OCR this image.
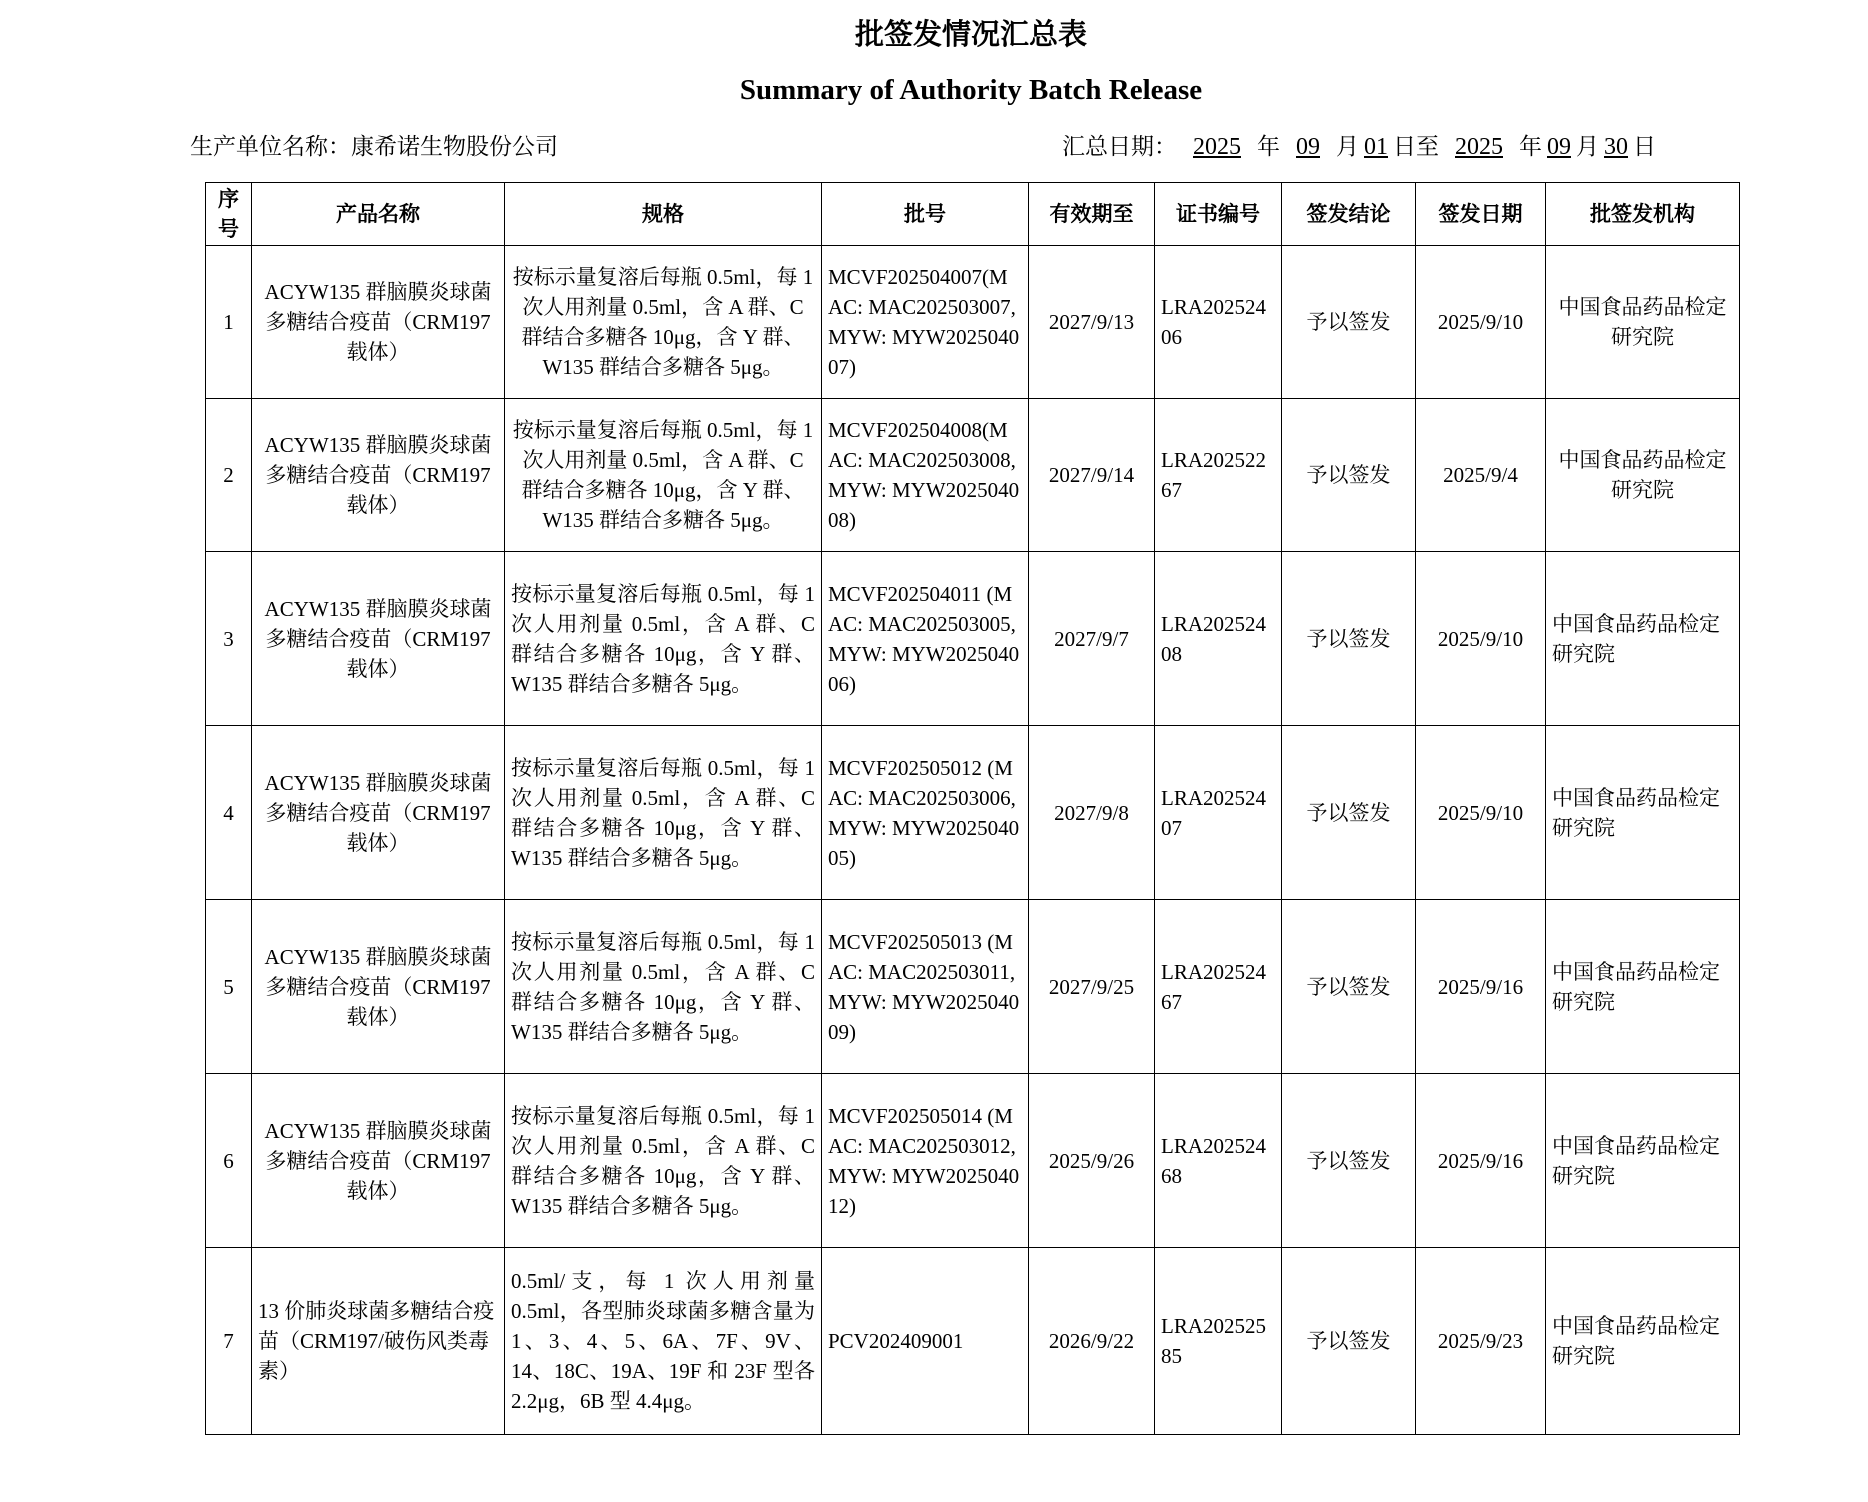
批签发情况汇总表
Summary of Authority Batch Release
生产单位名称：康希诺生物股份公司	汇总日期： 2025 年 09 月 01 日至 2025 年 09 月 30 日
序号	产品名称	规格	批号	有效期至	证书编号	签发结论	签发日期	批签发机构
1	ACYW135 群脑膜炎球菌多糖结合疫苗（CRM197 载体）	按标示量复溶后每瓶 0.5ml，每 1 次人用剂量 0.5ml，含 A 群、C 群结合多糖各 10μg，含 Y 群、W135 群结合多糖各 5μg。	MCVF202504007(MAC: MAC202503007, MYW: MYW202504007)	2027/9/13	LRA20252406	予以签发	2025/9/10	中国食品药品检定研究院
2	ACYW135 群脑膜炎球菌多糖结合疫苗（CRM197 载体）	按标示量复溶后每瓶 0.5ml，每 1 次人用剂量 0.5ml，含 A 群、C 群结合多糖各 10μg，含 Y 群、W135 群结合多糖各 5μg。	MCVF202504008(MAC: MAC202503008, MYW: MYW202504008)	2027/9/14	LRA20252267	予以签发	2025/9/4	中国食品药品检定研究院
3	ACYW135 群脑膜炎球菌多糖结合疫苗（CRM197 载体）	按标示量复溶后每瓶 0.5ml，每 1 次人用剂量 0.5ml，含 A 群、C 群结合多糖各 10μg，含 Y 群、W135 群结合多糖各 5μg。	MCVF202504011 (MAC: MAC202503005, MYW: MYW202504006)	2027/9/7	LRA20252408	予以签发	2025/9/10	中国食品药品检定研究院
4	ACYW135 群脑膜炎球菌多糖结合疫苗（CRM197 载体）	按标示量复溶后每瓶 0.5ml，每 1 次人用剂量 0.5ml，含 A 群、C 群结合多糖各 10μg，含 Y 群、W135 群结合多糖各 5μg。	MCVF202505012 (MAC: MAC202503006, MYW: MYW202504005)	2027/9/8	LRA20252407	予以签发	2025/9/10	中国食品药品检定研究院
5	ACYW135 群脑膜炎球菌多糖结合疫苗（CRM197 载体）	按标示量复溶后每瓶 0.5ml，每 1 次人用剂量 0.5ml，含 A 群、C 群结合多糖各 10μg，含 Y 群、W135 群结合多糖各 5μg。	MCVF202505013 (MAC: MAC202503011, MYW: MYW202504009)	2027/9/25	LRA20252467	予以签发	2025/9/16	中国食品药品检定研究院
6	ACYW135 群脑膜炎球菌多糖结合疫苗（CRM197 载体）	按标示量复溶后每瓶 0.5ml，每 1 次人用剂量 0.5ml，含 A 群、C 群结合多糖各 10μg，含 Y 群、W135 群结合多糖各 5μg。	MCVF202505014 (MAC: MAC202503012, MYW: MYW202504012)	2025/9/26	LRA20252468	予以签发	2025/9/16	中国食品药品检定研究院
7	13 价肺炎球菌多糖结合疫苗（CRM197/破伤风类毒素）	0.5ml/支，每 1 次人用剂量 0.5ml，各型肺炎球菌多糖含量为 1、3、4、5、6A、7F、9V、14、18C、19A、19F 和 23F 型各 2.2μg，6B 型 4.4μg。	PCV202409001	2026/9/22	LRA20252585	予以签发	2025/9/23	中国食品药品检定研究院
